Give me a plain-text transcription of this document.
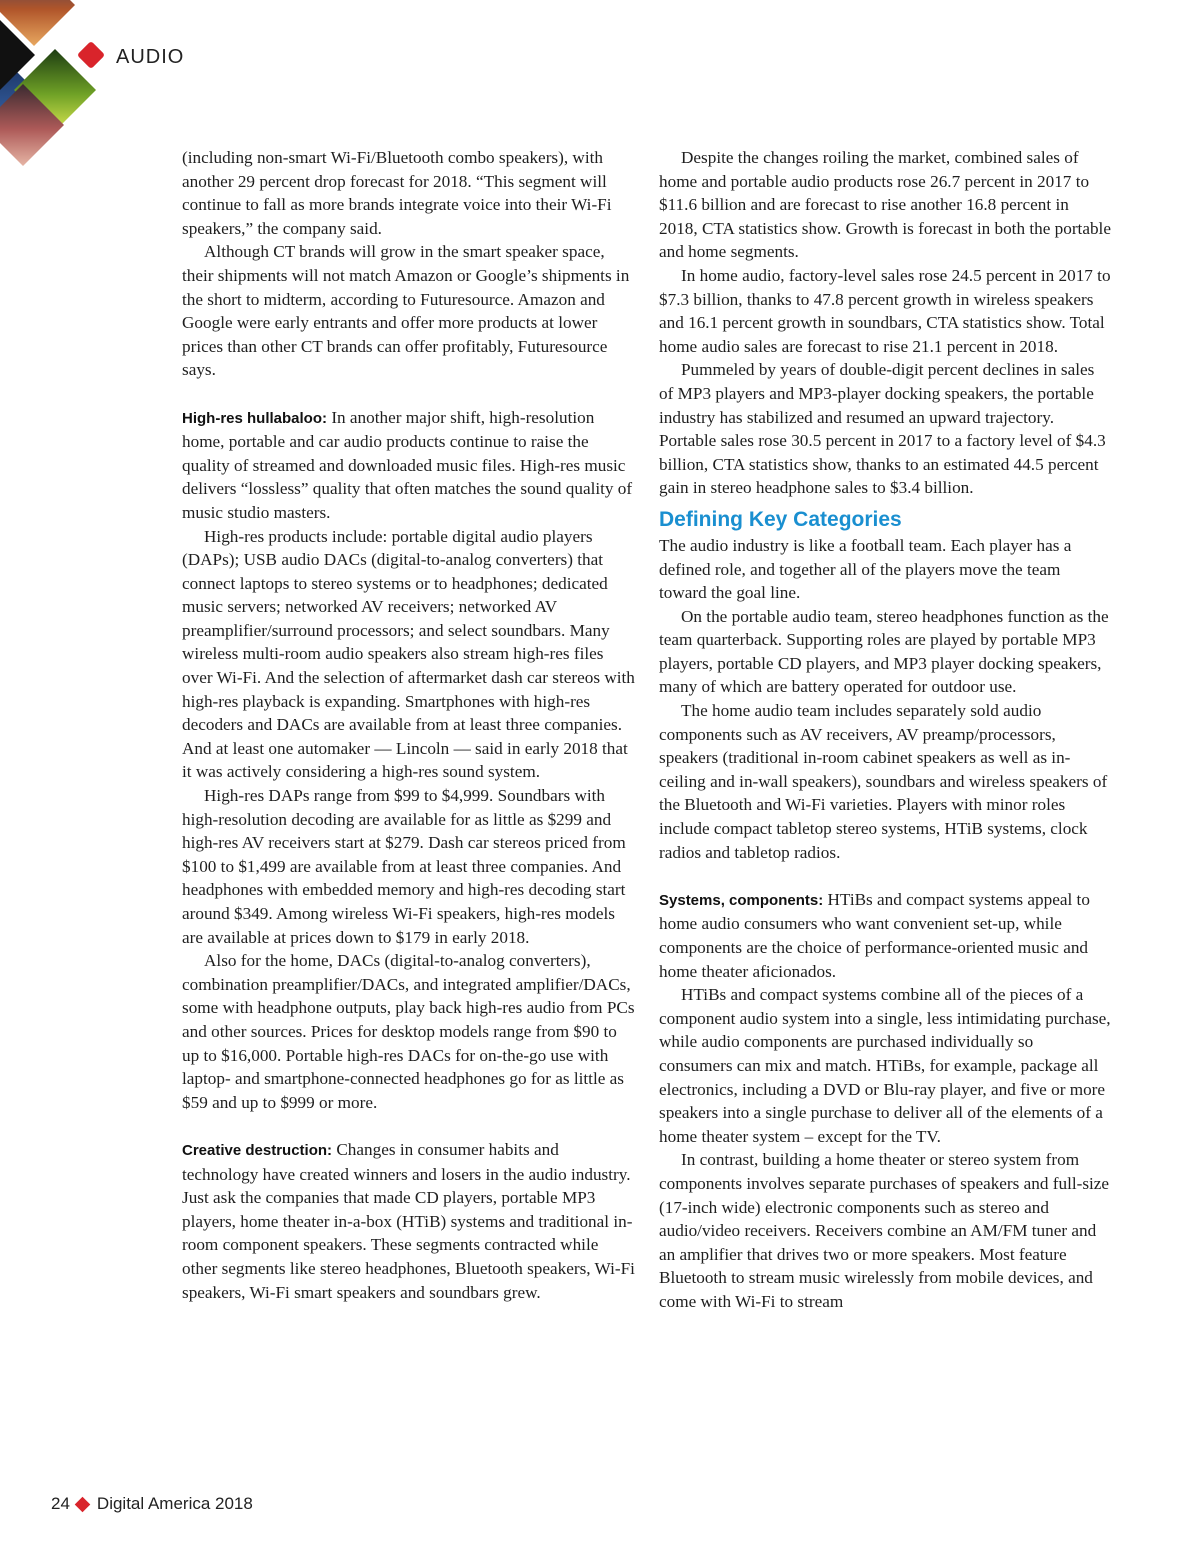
AUDIO

(including non-smart Wi-Fi/Bluetooth combo speakers), with another 29 percent drop forecast for 2018. “This segment will continue to fall as more brands integrate voice into their Wi-Fi speakers,” the company said.

Although CT brands will grow in the smart speaker space, their shipments will not match Amazon or Google’s shipments in the short to midterm, according to Futuresource. Amazon and Google were early entrants and offer more products at lower prices than other CT brands can offer profitably, Futuresource says.

High-res hullabaloo: In another major shift, high-resolution home, portable and car audio products continue to raise the quality of streamed and downloaded music files. High-res music delivers “lossless” quality that often matches the sound quality of music studio masters.

High-res products include: portable digital audio players (DAPs); USB audio DACs (digital-to-analog converters) that connect laptops to stereo systems or to headphones; dedicated music servers; networked AV receivers; networked AV preamplifier/surround processors; and select soundbars. Many wireless multi-room audio speakers also stream high-res files over Wi-Fi. And the selection of aftermarket dash car stereos with high-res playback is expanding. Smartphones with high-res decoders and DACs are available from at least three companies. And at least one automaker — Lincoln — said in early 2018 that it was actively considering a high-res sound system.

High-res DAPs range from $99 to $4,999. Soundbars with high-resolution decoding are available for as little as $299 and high-res AV receivers start at $279. Dash car stereos priced from $100 to $1,499 are available from at least three companies. And headphones with embedded memory and high-res decoding start around $349. Among wireless Wi-Fi speakers, high-res models are available at prices down to $179 in early 2018.

Also for the home, DACs (digital-to-analog converters), combination preamplifier/DACs, and integrated amplifier/DACs, some with headphone outputs, play back high-res audio from PCs and other sources. Prices for desktop models range from $90 to up to $16,000. Portable high-res DACs for on-the-go use with laptop- and smartphone-connected headphones go for as little as $59 and up to $999 or more.

Creative destruction: Changes in consumer habits and technology have created winners and losers in the audio industry. Just ask the companies that made CD players, portable MP3 players, home theater in-a-box (HTiB) systems and traditional in-room component speakers. These segments contracted while other segments like stereo headphones, Bluetooth speakers, Wi-Fi speakers, Wi-Fi smart speakers and soundbars grew.

Despite the changes roiling the market, combined sales of home and portable audio products rose 26.7 percent in 2017 to $11.6 billion and are forecast to rise another 16.8 percent in 2018, CTA statistics show. Growth is forecast in both the portable and home segments.

In home audio, factory-level sales rose 24.5 percent in 2017 to $7.3 billion, thanks to 47.8 percent growth in wireless speakers and 16.1 percent growth in soundbars, CTA statistics show. Total home audio sales are forecast to rise 21.1 percent in 2018.

Pummeled by years of double-digit percent declines in sales of MP3 players and MP3-player docking speakers, the portable industry has stabilized and resumed an upward trajectory. Portable sales rose 30.5 percent in 2017 to a factory level of $4.3 billion, CTA statistics show, thanks to an estimated 44.5 percent gain in stereo headphone sales to $3.4 billion.

Defining Key Categories

The audio industry is like a football team. Each player has a defined role, and together all of the players move the team toward the goal line.

On the portable audio team, stereo headphones function as the team quarterback. Supporting roles are played by portable MP3 players, portable CD players, and MP3 player docking speakers, many of which are battery operated for outdoor use.

The home audio team includes separately sold audio components such as AV receivers, AV preamp/processors, speakers (traditional in-room cabinet speakers as well as in-ceiling and in-wall speakers), soundbars and wireless speakers of the Bluetooth and Wi-Fi varieties. Players with minor roles include compact tabletop stereo systems, HTiB systems, clock radios and tabletop radios.

Systems, components: HTiBs and compact systems appeal to home audio consumers who want convenient set-up, while components are the choice of performance-oriented music and home theater aficionados.

HTiBs and compact systems combine all of the pieces of a component audio system into a single, less intimidating purchase, while audio components are purchased individually so consumers can mix and match. HTiBs, for example, package all electronics, including a DVD or Blu-ray player, and five or more speakers into a single purchase to deliver all of the elements of a home theater system – except for the TV.

In contrast, building a home theater or stereo system from components involves separate purchases of speakers and full-size (17-inch wide) electronic components such as stereo and audio/video receivers. Receivers combine an AM/FM tuner and an amplifier that drives two or more speakers. Most feature Bluetooth to stream music wirelessly from mobile devices, and come with Wi-Fi to stream

24 Digital America 2018
